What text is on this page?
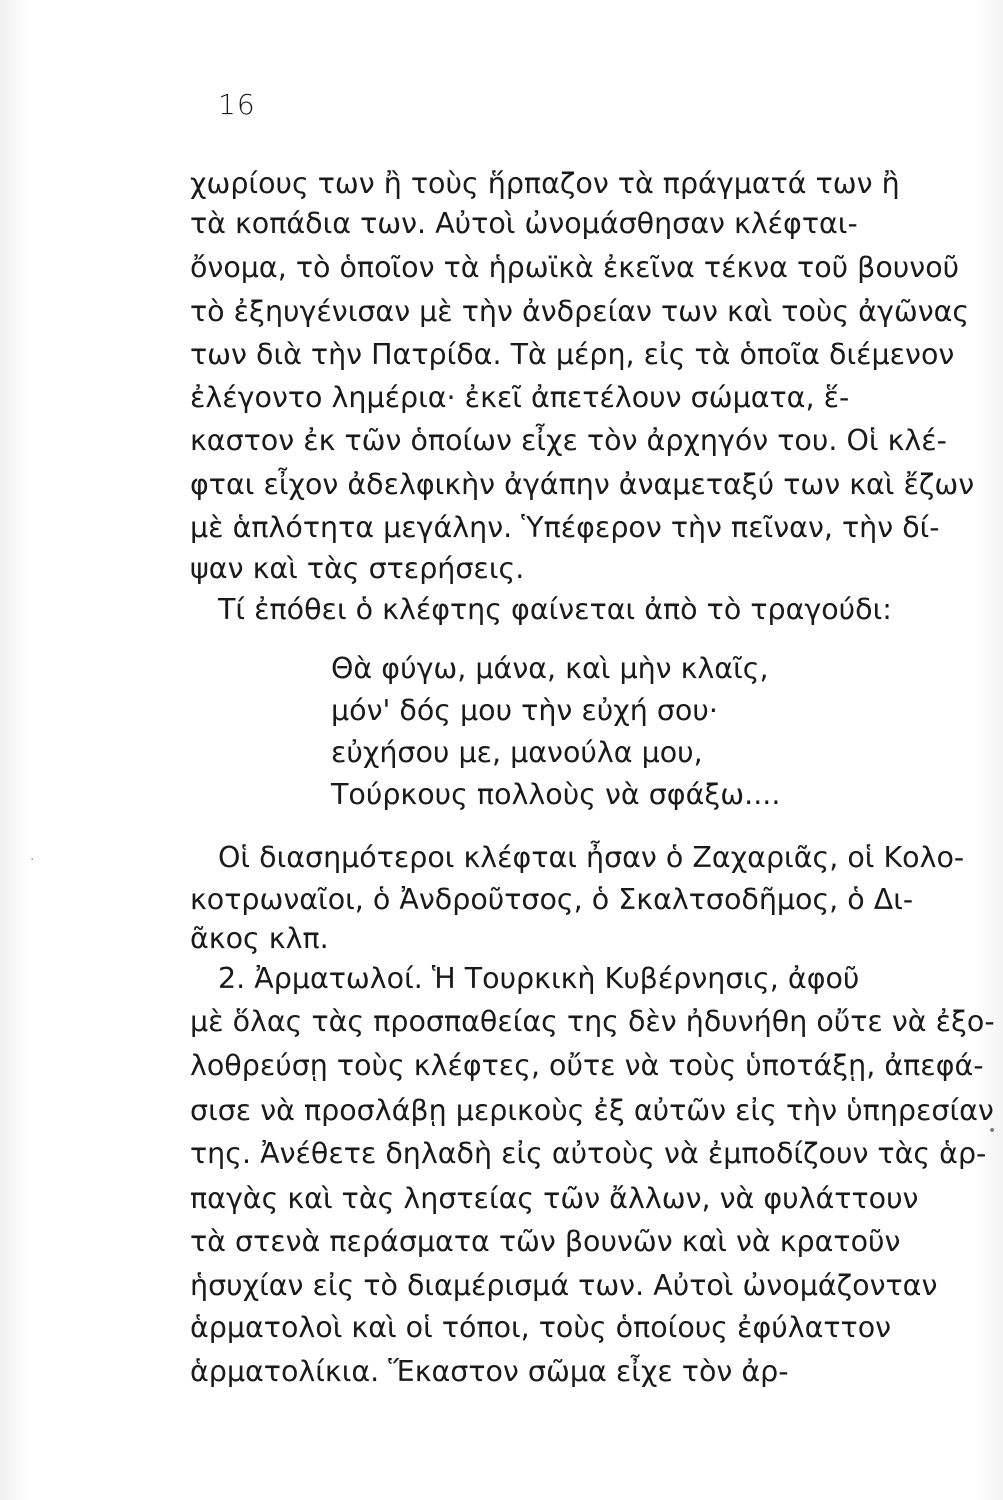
16
χωρίους των ἢ τοὺς ἥρπαζον τὰ πράγματά των ἢ
τὰ κοπάδια των. Αὐτοὶ ὠνομάσθησαν κλέφται-
ὄνομα, τὸ ὁποῖον τὰ ἡρωϊκὰ ἐκεῖνα τέκνα τοῦ βουνοῦ
τὸ ἐξηυγένισαν μὲ τὴν ἀνδρείαν των καὶ τοὺς ἀγῶνας
των διὰ τὴν Πατρίδα. Τὰ μέρη, εἰς τὰ ὁποῖα διέμενον
ἐλέγοντο λημέρια· ἐκεῖ ἀπετέλουν σώματα, ἕ-
καστον ἐκ τῶν ὁποίων εἶχε τὸν ἀρχηγόν του. Οἱ κλέ-
φται εἶχον ἀδελφικὴν ἀγάπην ἀναμεταξύ των καὶ ἔζων
μὲ ἁπλότητα μεγάλην. Ὑπέφερον τὴν πεῖναν, τὴν δί-
ψαν καὶ τὰς στερήσεις.
Τί ἐπόθει ὁ κλέφτης φαίνεται ἀπὸ τὸ τραγούδι:
Θὰ φύγω, μάνα, καὶ μὴν κλαῖς,
μόν' δός μου τὴν εὐχή σου·
εὐχήσου με, μανούλα μου,
Τούρκους πολλοὺς νὰ σφάξω....
Οἱ διασημότεροι κλέφται ἦσαν ὁ Ζαχαριᾶς, οἱ Κολο-
κοτρωναῖοι, ὁ Ἀνδροῦτσος, ὁ Σκαλτσοδῆμος, ὁ Δι-
ᾶκος κλπ.
2. Ἀρματωλοί. Ἡ Τουρκικὴ Κυβέρνησις, ἀφοῦ
μὲ ὅλας τὰς προσπαθείας της δὲν ἠδυνήθη οὔτε νὰ ἐξο-
λοθρεύσῃ τοὺς κλέφτες, οὔτε νὰ τοὺς ὑποτάξῃ, ἀπεφά-
σισε νὰ προσλάβῃ μερικοὺς ἐξ αὐτῶν εἰς τὴν ὑπηρεσίαν
της. Ἀνέθετε δηλαδὴ εἰς αὐτοὺς νὰ ἐμποδίζουν τὰς ἁρ-
παγὰς καὶ τὰς ληστείας τῶν ἄλλων, νὰ φυλάττουν
τὰ στενὰ περάσματα τῶν βουνῶν καὶ νὰ κρατοῦν
ἡσυχίαν εἰς τὸ διαμέρισμά των. Αὐτοὶ ὠνομάζονταν
ἁρματολοὶ καὶ οἱ τόποι, τοὺς ὁποίους ἐφύλαττον
ἁρματολίκια. Ἕκαστον σῶμα εἶχε τὸν ἀρ-
•
·
